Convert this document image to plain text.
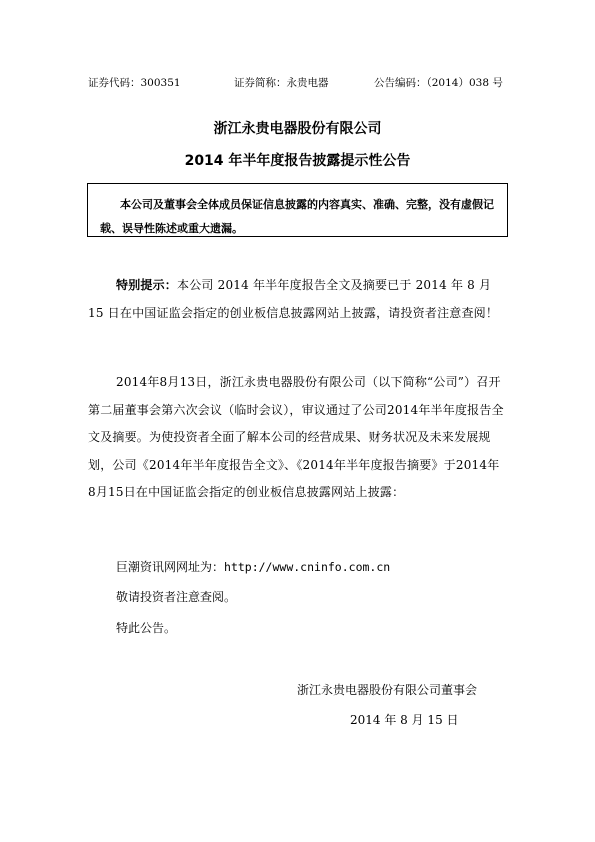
证券代码：300351	证券简称：永贵电器	公告编码：（2014）038 号
浙江永贵电器股份有限公司
2014 年半年度报告披露提示性公告
本公司及董事会全体成员保证信息披露的内容真实、准确、完整，没有虚假记载、误导性陈述或重大遗漏。
特别提示：本公司 2014 年半年度报告全文及摘要已于 2014 年 8 月 15 日在中国证监会指定的创业板信息披露网站上披露，请投资者注意查阅！
2014年8月13日，浙江永贵电器股份有限公司（以下简称“公司”）召开第二届董事会第六次会议（临时会议），审议通过了公司2014年半年度报告全文及摘要。为使投资者全面了解本公司的经营成果、财务状况及未来发展规划，公司《2014年半年度报告全文》、《2014年半年度报告摘要》于2014年8月15日在中国证监会指定的创业板信息披露网站上披露：
巨潮资讯网网址为：http://www.cninfo.com.cn
敬请投资者注意查阅。
特此公告。
浙江永贵电器股份有限公司董事会
2014 年 8 月 15 日
